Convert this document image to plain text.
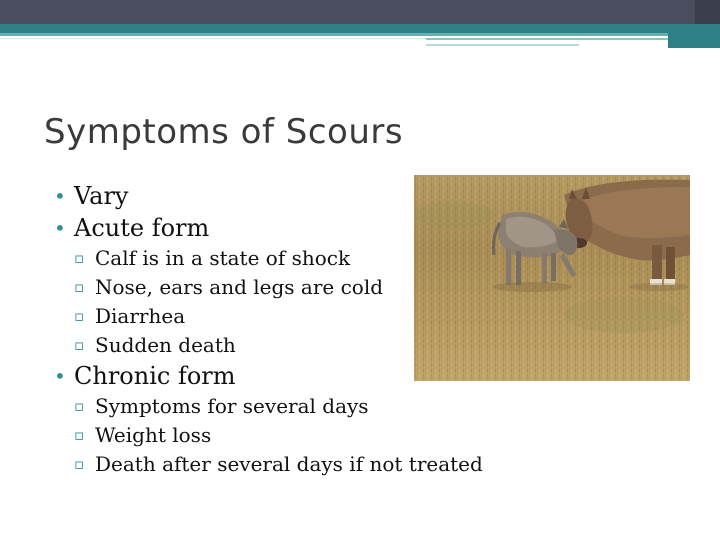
Symptoms of Scours
• Vary
• Acute form
▫ Calf is in a state of shock
▫ Nose, ears and legs are cold
▫ Diarrhea
▫ Sudden death
• Chronic form
▫ Symptoms for several days
▫ Weight loss
▫ Death after several days if not treated
